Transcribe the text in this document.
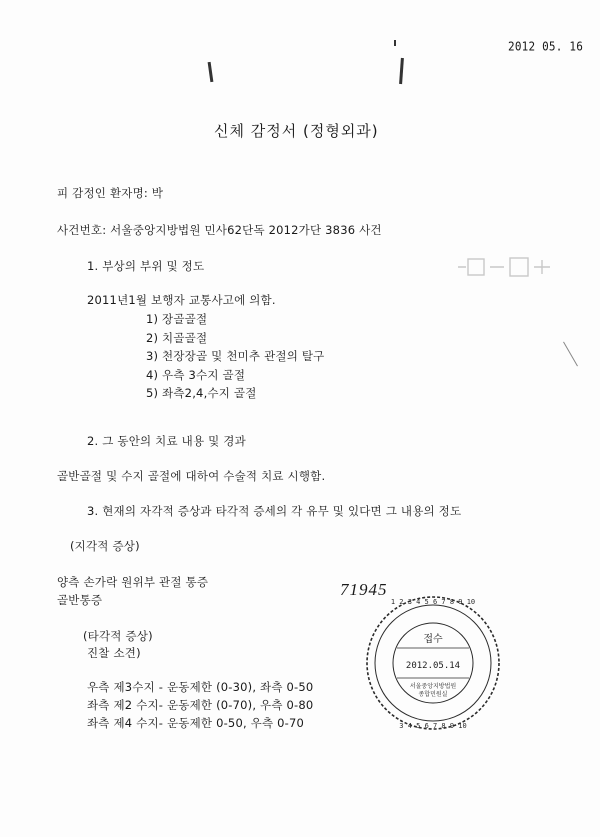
2012 05. 16
신체 감정서 (정형외과)
피 감정인 환자명: 박
사건번호: 서울중앙지방법원 민사62단독 2012가단 3836 사건
1. 부상의 부위 및 정도
2011년1월 보행자 교통사고에 의함.
1) 장골골절
2) 치골골절
3) 천장장골 및 천미추 관절의 탈구
4) 우측 3수지 골절
5) 좌측2,4,수지 골절
2. 그 동안의 치료 내용 및 경과
골반골절 및 수지 골절에 대하여 수술적 치료 시행함.
3. 현재의 자각적 증상과 타각적 증세의 각 유무 및 있다면 그 내용의 정도
(지각적 증상)
양측 손가락 원위부 관절 통증
골반통증
71945
(타각적 증상)
진찰 소견)
우측 제3수지 - 운동제한 (0-30), 좌측 0-50
좌측 제2 수지- 운동제한 (0-70), 우측 0-80
좌측 제4 수지- 운동제한 0-50, 우측 0-70
1 2 3 4 5 6 7 8 9 10
3 4 5 6 7 8 9 10
접수
2012.05.14
서울중앙지방법원
종합민원실
